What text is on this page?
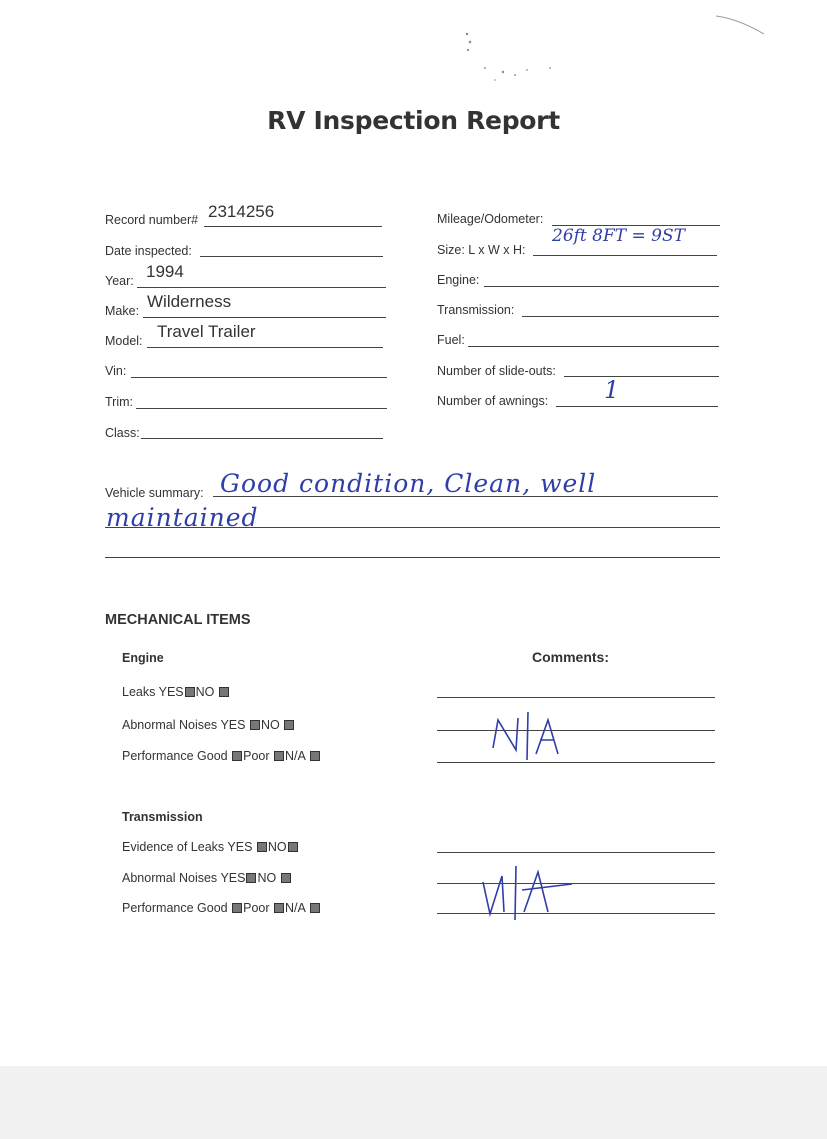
RV Inspection Report
Record number# 2314256
Date inspected:
Year: 1994
Make: Wilderness
Model: Travel Trailer
Vin:
Trim:
Class:
Mileage/Odometer:
Size: L x W x H:
26ft 8FT = 9ST
Engine:
Transmission:
Fuel:
Number of slide-outs:
Number of awnings: 1
Vehicle summary: Good condition, Clean, well
maintained
MECHANICAL ITEMS
Engine	Comments:
Leaks YES NO
Abnormal Noises YES NO
Performance Good Poor N/A
Transmission
Evidence of Leaks YES NO
Abnormal Noises YES NO
Performance Good Poor N/A
